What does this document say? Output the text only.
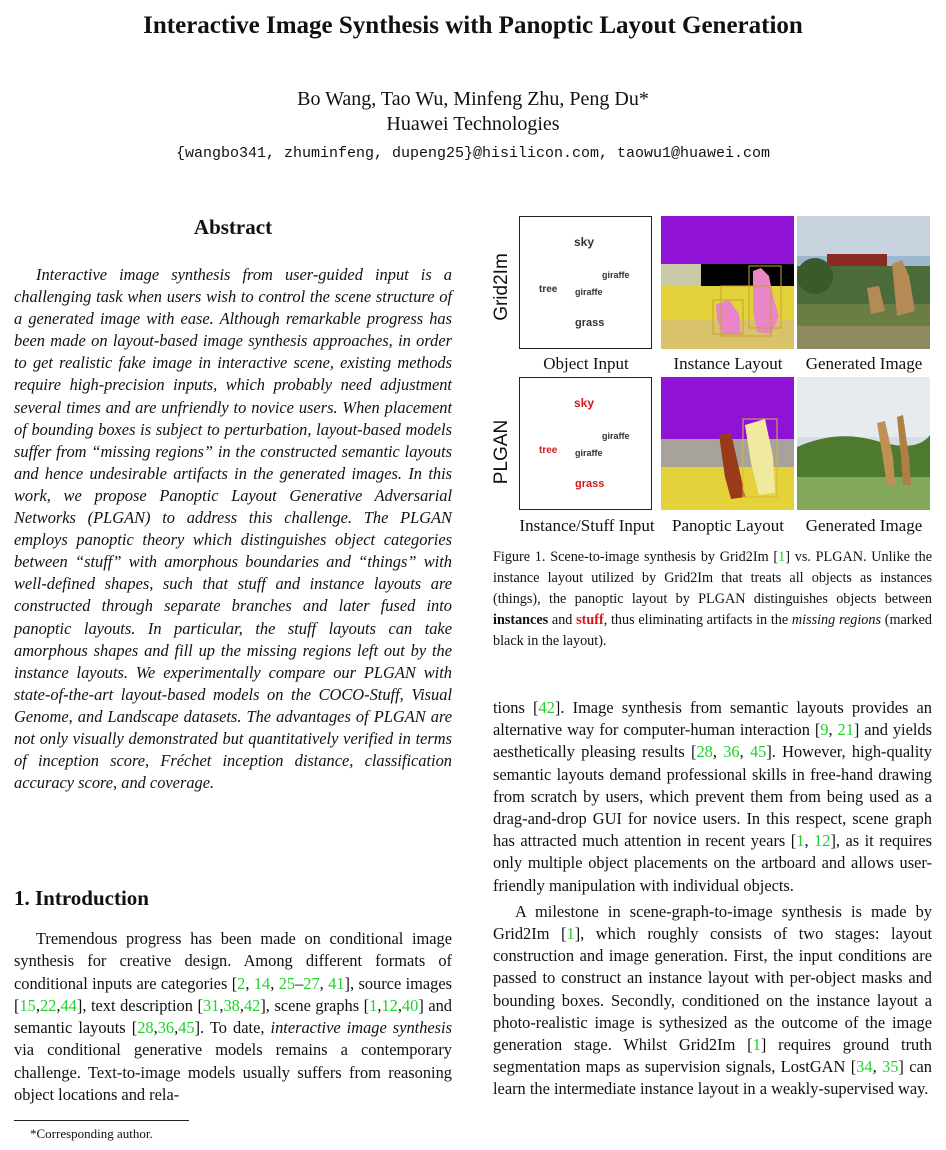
Interactive Image Synthesis with Panoptic Layout Generation
Bo Wang, Tao Wu, Minfeng Zhu, Peng Du*
Huawei Technologies
{wangbo341, zhuminfeng, dupeng25}@hisilicon.com, taowu1@huawei.com
Abstract
Interactive image synthesis from user-guided input is a challenging task when users wish to control the scene structure of a generated image with ease. Although remarkable progress has been made on layout-based image synthesis approaches, in order to get realistic fake image in interactive scene, existing methods require high-precision inputs, which probably need adjustment several times and are unfriendly to novice users. When placement of bounding boxes is subject to perturbation, layout-based models suffer from “missing regions” in the constructed semantic layouts and hence undesirable artifacts in the generated images. In this work, we propose Panoptic Layout Generative Adversarial Networks (PLGAN) to address this challenge. The PLGAN employs panoptic theory which distinguishes object categories between “stuff” with amorphous boundaries and “things” with well-defined shapes, such that stuff and instance layouts are constructed through separate branches and later fused into panoptic layouts. In particular, the stuff layouts can take amorphous shapes and fill up the missing regions left out by the instance layouts. We experimentally compare our PLGAN with state-of-the-art layout-based models on the COCO-Stuff, Visual Genome, and Landscape datasets. The advantages of PLGAN are not only visually demonstrated but quantitatively verified in terms of inception score, Fréchet inception distance, classification accuracy score, and coverage.
1. Introduction
Tremendous progress has been made on conditional image synthesis for creative design. Among different formats of conditional inputs are categories [2, 14, 25–27, 41], source images [15,22,44], text description [31,38,42], scene graphs [1,12,40] and semantic layouts [28,36,45]. To date, interactive image synthesis via conditional generative models remains a contemporary challenge. Text-to-image models usually suffers from reasoning object locations and rela-
*Corresponding author.

tions [42]. Image synthesis from semantic layouts provides an alternative way for computer-human interaction [9, 21] and yields aesthetically pleasing results [28, 36, 45]. However, high-quality semantic layouts demand professional skills in free-hand drawing from scratch by users, which prevent them from being used as a drag-and-drop GUI for novice users. In this respect, scene graph has attracted much attention in recent years [1, 12], as it requires only multiple object placements on the artboard and allows user-friendly manipulation with individual objects.

A milestone in scene-graph-to-image synthesis is made by Grid2Im [1], which roughly consists of two stages: layout construction and image generation. First, the input conditions are passed to construct an instance layout with per-object masks and bounding boxes. Secondly, conditioned on the instance layout a photo-realistic image is sythesized as the outcome of the image generation stage. Whilst Grid2Im [1] requires ground truth segmentation maps as supervision signals, LostGAN [34, 35] can learn the intermediate instance layout in a weakly-supervised way.

Grid2Im
PLGAN
sky
giraffe
tree giraffe
grass
Object Input	Instance Layout	Generated Image
sky
giraffe
tree giraffe
grass
Instance/Stuff Input	Panoptic Layout	Generated Image
Figure 1. Scene-to-image synthesis by Grid2Im [1] vs. PLGAN. Unlike the instance layout utilized by Grid2Im that treats all objects as instances (things), the panoptic layout by PLGAN distinguishes objects between instances and stuff, thus eliminating artifacts in the missing regions (marked black in the layout).
